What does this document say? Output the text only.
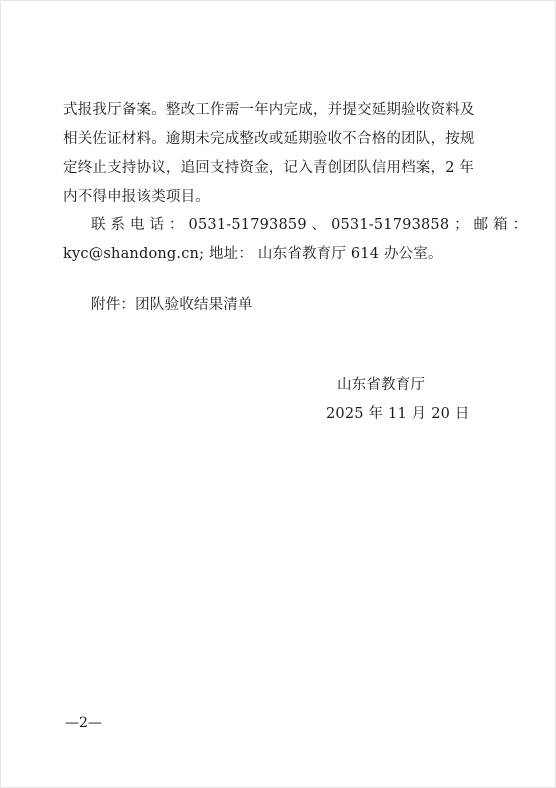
式报我厅备案。整改工作需一年内完成，并提交延期验收资料及
相关佐证材料。逾期未完成整改或延期验收不合格的团队，按规
定终止支持协议，追回支持资金，记入青创团队信用档案，2 年
内不得申报该类项目。
联 系 电 话 ： 0531-51793859 、 0531-51793858 ； 邮 箱 ：
kyc@shandong.cn; 地址： 山东省教育厅 614 办公室。
附件：团队验收结果清单
山东省教育厅
2025 年 11 月 20 日
—2—
